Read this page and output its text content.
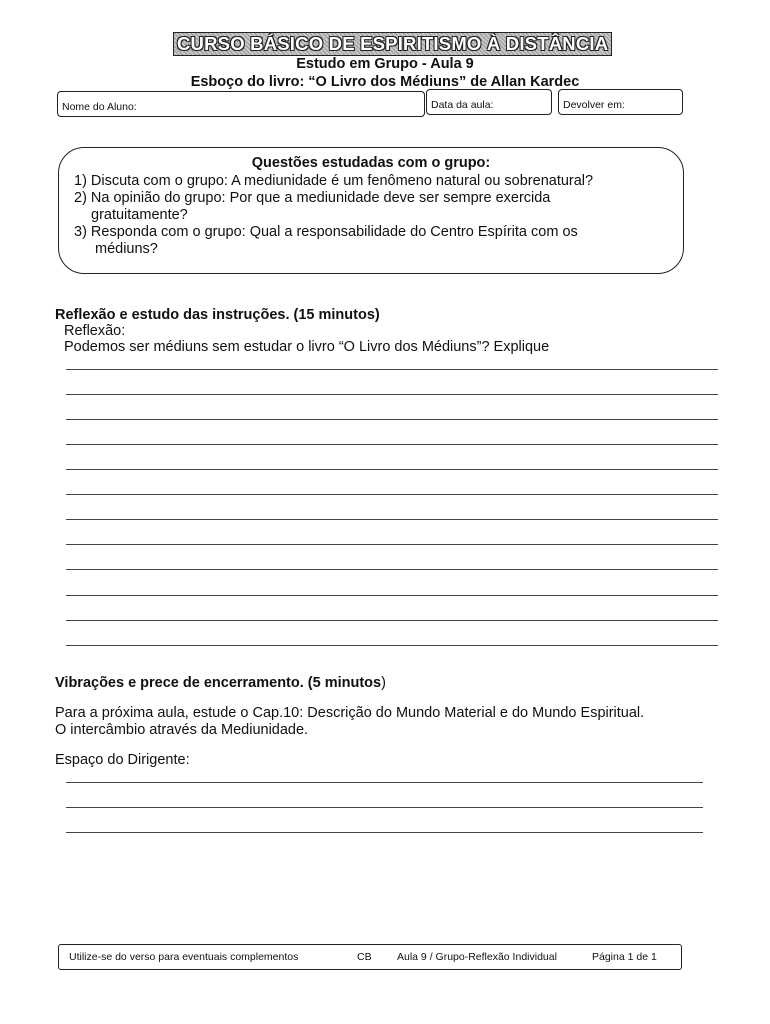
CURSO BÁSICO DE ESPIRITISMO À DISTÂNCIA
Estudo em Grupo - Aula 9
Esboço do livro: “O Livro dos Médiuns” de Allan Kardec
Nome do Aluno:	Data da aula:	Devolver em:
Questões estudadas com o grupo:
1) Discuta com o grupo: A mediunidade é um fenômeno natural ou sobrenatural?
2) Na opinião do grupo: Por que a mediunidade deve ser sempre exercida
gratuitamente?
3) Responda com o grupo: Qual a responsabilidade do Centro Espírita com os
médiuns?
Reflexão e estudo das instruções. (15 minutos)
Reflexão:
Podemos ser médiuns sem estudar o livro “O Livro dos Médiuns”? Explique
Vibrações e prece de encerramento. (5 minutos)
Para a próxima aula, estude o Cap.10: Descrição do Mundo Material e do Mundo Espiritual.
O intercâmbio através da Mediunidade.
Espaço do Dirigente:
Utilize-se do verso para eventuais complementos	CB Aula 9 / Grupo-Reflexão Individual	Página 1 de 1
